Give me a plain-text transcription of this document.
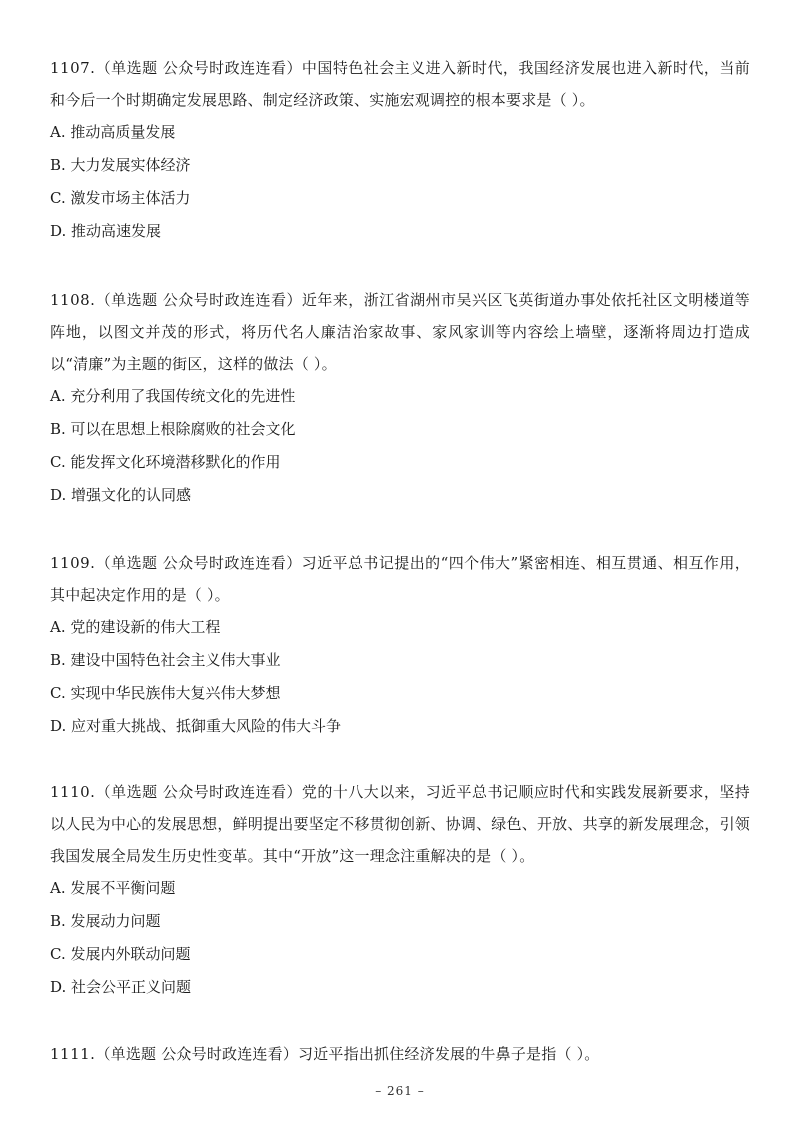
1107.（单选题 公众号时政连连看）中国特色社会主义进入新时代，我国经济发展也进入新时代，当前和今后一个时期确定发展思路、制定经济政策、实施宏观调控的根本要求是（ ）。

A. 推动高质量发展
B. 大力发展实体经济
C. 激发市场主体活力
D. 推动高速发展

1108.（单选题 公众号时政连连看）近年来，浙江省湖州市吴兴区飞英街道办事处依托社区文明楼道等阵地，以图文并茂的形式，将历代名人廉洁治家故事、家风家训等内容绘上墙壁，逐渐将周边打造成以“清廉”为主题的街区，这样的做法（ ）。

A. 充分利用了我国传统文化的先进性
B. 可以在思想上根除腐败的社会文化
C. 能发挥文化环境潜移默化的作用
D. 增强文化的认同感

1109.（单选题 公众号时政连连看）习近平总书记提出的“四个伟大”紧密相连、相互贯通、相互作用，其中起决定作用的是（ ）。

A. 党的建设新的伟大工程
B. 建设中国特色社会主义伟大事业
C. 实现中华民族伟大复兴伟大梦想
D. 应对重大挑战、抵御重大风险的伟大斗争

1110.（单选题 公众号时政连连看）党的十八大以来，习近平总书记顺应时代和实践发展新要求，坚持以人民为中心的发展思想，鲜明提出要坚定不移贯彻创新、协调、绿色、开放、共享的新发展理念，引领我国发展全局发生历史性变革。其中“开放”这一理念注重解决的是（ ）。

A. 发展不平衡问题
B. 发展动力问题
C. 发展内外联动问题
D. 社会公平正义问题

1111.（单选题 公众号时政连连看）习近平指出抓住经济发展的牛鼻子是指（ ）。

– 261 –
